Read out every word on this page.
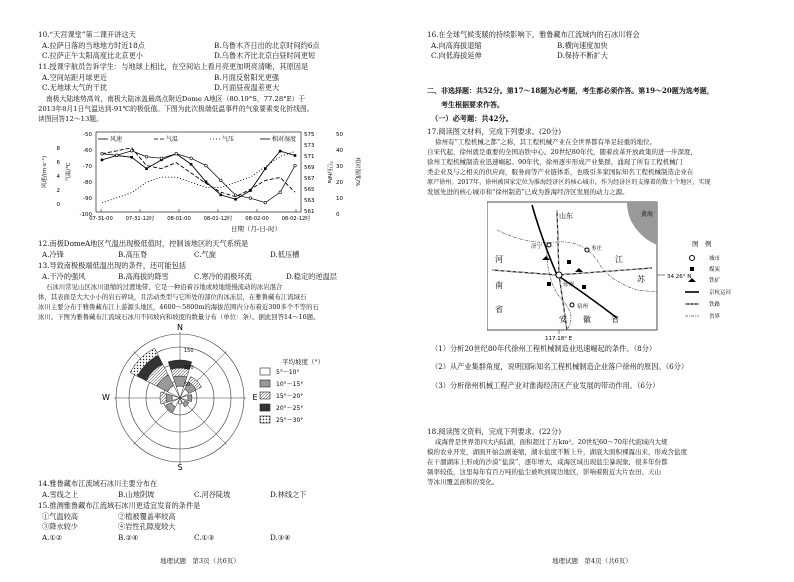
10.“天宫课堂”第二课开讲这天
A.拉萨日落的当地地方时近18点	B.乌鲁木齐日出的北京时间约6点
C.拉萨正午太阳高度比北京更小	D.乌鲁木齐比北京白昼时间更短
11.授课宇航员告诉学生：与地球上相比，在空间站上看月亮更加明亮清晰，其原因是
A.空间站距月球更近	B.月面反射阳光更强
C.无地球大气的干扰	D.月面昼夜温差更大
南极大陆地势高耸，南极大陆冰盖最高点附近Dome A地区（80.19°S，77.28°E）于
2013年8月1日气温达到-91℃的极低值。下图为此次极端低温事件的气象要素变化折线图。
读图回答12～13题。
风速	气温	气压	相对湿度
8
6
4
2
0
-50
-60
-70
-80
-90
-100
风速/(m·s⁻¹)	气温/℃
575
573
571
569
567
565
563
561
气压/hPa
50
40
30
20
10
0
相对湿度/%
07-31-00 07-31-12时 08-01-00 08-01-12时 08-02-00 08-02-12时
日期（月-日-时）
12.南极DomeA地区气温出现极低值时，控制该地区的天气系统是
A.冷锋	B.高压脊	C.气旋	D.低压槽
13.导致南极极端低温出现的条件，还可能包括
A.干冷的强风	B.高海拔的降雪	C.寒冷的雨极环流	D.稳定的逆温层
石冰川常见山区冰川退缩的过渡地带，它是一种沿着谷地或坡地缓慢流动的冰岩混合
体，其表面是大大小小的岩石碎块，且活动类型与它所处的部位的冰冻层，在雅鲁藏布江流域石
冰川主要分布于雅鲁藏布江上游源头地区，4600～5800m的海拔范围内分布着近300多个不等的石
冰川。下图为雅鲁藏布江流域石冰川不同坡向和坡度的数量分布（单位：条）。据此回答14～16题。
N
S
W	E
50
100
150
平均坡度（°）
5°～10°
10°～15°
15°～20°
20°～25°
25°～30°
14.雅鲁藏布江流域石冰川主要分布在
A.雪线之上	B.山地阴坡	C.河谷陡坡	D.林线之下
15.推测雅鲁藏布江流域石冰川更适宜发育的条件是
①气温较高	②植被覆盖率较高
③降水较少	④岩性孔隙度较大
A.①②	B.②④	C.①③	D.③④
地理试题　第3页（共6页）
16.在全球气候变暖的持续影响下，雅鲁藏布江流域内的石冰川将会
A.向高海拔退缩	B.横向速度加快
C.向低海拔延伸	D.保持不断扩大
二、非选择题：共52分。第17～18题为必考题，考生都必须作答。第19～20题为选考题，
考生根据要求作答。
（一）必考题：共42分。
17.阅读图文材料，完成下列要求。(20分)
徐州有“工程机械之都”之称，其工程机械产业在全世界都有举足轻重的地位。
自宋代起，徐州就是重要的全国冶铁中心。20世纪80年代，随着改革开放政策的进一步深度，
徐州工程机械制造业迅速崛起。90年代，徐州逐步形成产业集群，涌现了所有工程机械门
类企业及与之相关的供应商，服务商等产业链体系，也吸引多家国际知名工程机械制造企业在
原产徐州。2017年，徐州被国家定位为淮海经济区的核心城市，作为经济区的支撑着的数十个地区，实现
发展先进的核心城市和“徐州制造”已成为淮海经济区发展的动力之源。
黄海
山东
江
苏
安 徽	省
河
南
省
济宁
徐州
枣庄
宿州
34.26° N
117.18° E
图　例
城市
煤炭
铁矿
京杭运河
铁路
省界
（1）分析20世纪80年代徐州工程机械制造业迅速崛起的条件。（8分）
（2）从产业集群角度，说明国际知名工程机械制造企业落户徐州的原因。（6分）
（3）分析徐州机械工程产业对淮海经济区产业发展的带动作用。（6分）
18.阅读图文资料，完成下列要求。(22分)
咸海曾是世界第四大内陆湖，面积超过了万km²。20世纪60～70年代流域内大规
模的农业开发，湖面开始急剧萎缩，湖水盐度不断上升，湖底大面积裸露出来，形成含盐度
在干涸湖床上形成的沙漠“盐漠”，逐年增大，咸海区域出现盐尘暴现象，很多年份都
频率较低，这里每年有百万吨的盐尘被吹到周边地区，影响着附近大片农田、天山
等冰川覆盖面积的变化。
地理试题　第4页（共6页）
